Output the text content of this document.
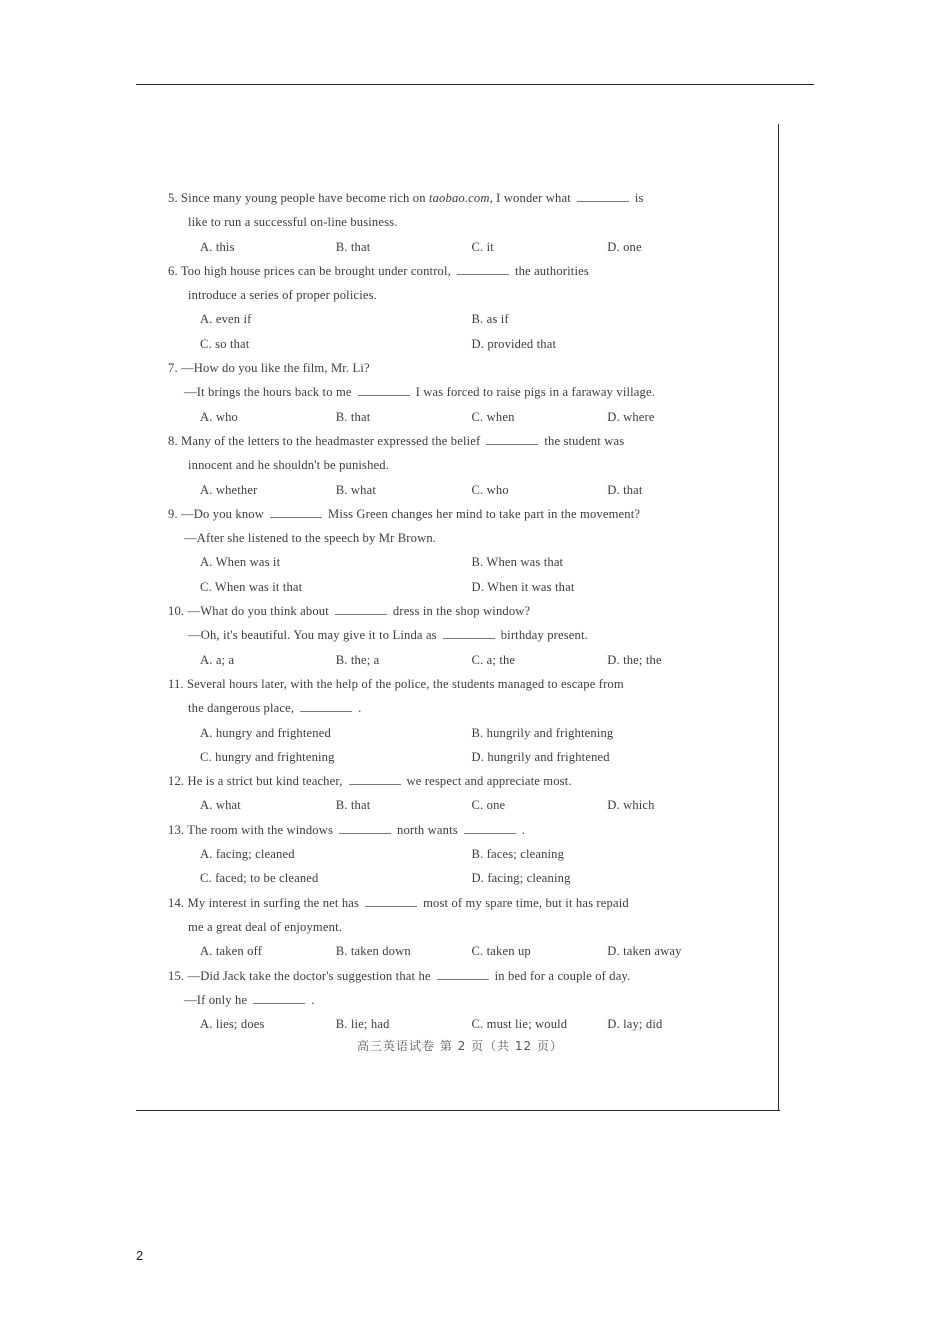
5. Since many young people have become rich on taobao.com, I wonder what	is
like to run a successful on-line business.
A. this	B. that	C. it	D. one
6. Too high house prices can be brought under control,	the authorities
introduce a series of proper policies.
A. even if	B. as if
C. so that	D. provided that
7. —How do you like the film, Mr. Li?
—It brings the hours back to me	I was forced to raise pigs in a faraway village.
A. who	B. that	C. when	D. where
8. Many of the letters to the headmaster expressed the belief	the student was
innocent and he shouldn't be punished.
A. whether	B. what	C. who	D. that
9. —Do you know	Miss Green changes her mind to take part in the movement?
—After she listened to the speech by Mr Brown.
A. When was it	B. When was that
C. When was it that	D. When it was that
10. —What do you think about	dress in the shop window?
—Oh, it's beautiful. You may give it to Linda as	birthday present.
A. a; a	B. the; a	C. a; the	D. the; the
11. Several hours later, with the help of the police, the students managed to escape from
the dangerous place,	.
A. hungry and frightened	B. hungrily and frightening
C. hungry and frightening	D. hungrily and frightened
12. He is a strict but kind teacher,	we respect and appreciate most.
A. what	B. that	C. one	D. which
13. The room with the windows	north wants	.
A. facing; cleaned	B. faces; cleaning
C. faced; to be cleaned	D. facing; cleaning
14. My interest in surfing the net has	most of my spare time, but it has repaid
me a great deal of enjoyment.
A. taken off	B. taken down	C. taken up	D. taken away
15. —Did Jack take the doctor's suggestion that he	in bed for a couple of day.
—If only he	.
A. lies; does	B. lie; had	C. must lie; would	D. lay; did
高三英语试卷 第 2 页（共 12 页）
2
